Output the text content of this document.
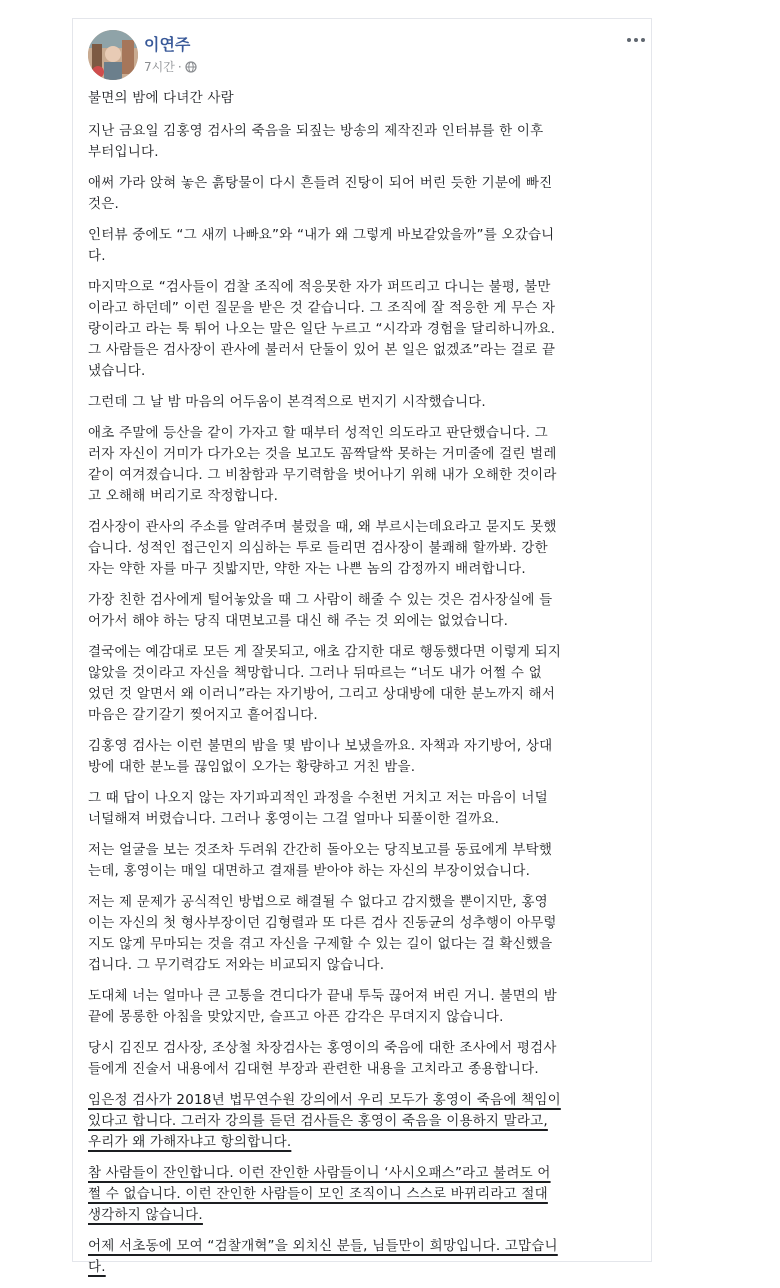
이연주
7시간 ·

불면의 밤에 다녀간 사람

지난 금요일 김홍영 검사의 죽음을 되짚는 방송의 제작진과 인터뷰를 한 이후
부터입니다.

애써 가라 앉혀 놓은 흙탕물이 다시 흔들려 진탕이 되어 버린 듯한 기분에 빠진
것은.

인터뷰 중에도 “그 새끼 나빠요”와 “내가 왜 그렇게 바보같았을까”를 오갔습니
다.

마지막으로 “검사들이 검찰 조직에 적응못한 자가 퍼뜨리고 다니는 불평, 불만
이라고 하던데” 이런 질문을 받은 것 같습니다. 그 조직에 잘 적응한 게 무슨 자
랑이라고 라는 툭 튀어 나오는 말은 일단 누르고 “시각과 경험을 달리하니까요.
그 사람들은 검사장이 관사에 불러서 단둘이 있어 본 일은 없겠죠”라는 걸로 끝
냈습니다.

그런데 그 날 밤 마음의 어두움이 본격적으로 번지기 시작했습니다.

애초 주말에 등산을 같이 가자고 할 때부터 성적인 의도라고 판단했습니다. 그
러자 자신이 거미가 다가오는 것을 보고도 꼼짝달싹 못하는 거미줄에 걸린 벌레
같이 여겨졌습니다. 그 비참함과 무기력함을 벗어나기 위해 내가 오해한 것이라
고 오해해 버리기로 작정합니다.

검사장이 관사의 주소를 알려주며 불렀을 때, 왜 부르시는데요라고 묻지도 못했
습니다. 성적인 접근인지 의심하는 투로 들리면 검사장이 불쾌해 할까봐. 강한
자는 약한 자를 마구 짓밟지만, 약한 자는 나쁜 놈의 감정까지 배려합니다.

가장 친한 검사에게 털어놓았을 때 그 사람이 해줄 수 있는 것은 검사장실에 들
어가서 해야 하는 당직 대면보고를 대신 해 주는 것 외에는 없었습니다.

결국에는 예감대로 모든 게 잘못되고, 애초 감지한 대로 행동했다면 이렇게 되지
않았을 것이라고 자신을 책망합니다. 그러나 뒤따르는 “너도 내가 어쩔 수 없
었던 것 알면서 왜 이러니”라는 자기방어, 그리고 상대방에 대한 분노까지 해서
마음은 갈기갈기 찢어지고 흩어집니다.

김홍영 검사는 이런 불면의 밤을 몇 밤이나 보냈을까요. 자책과 자기방어, 상대
방에 대한 분노를 끊임없이 오가는 황량하고 거친 밤을.

그 때 답이 나오지 않는 자기파괴적인 과정을 수천번 거치고 저는 마음이 너덜
너덜해져 버렸습니다. 그러나 홍영이는 그걸 얼마나 되풀이한 걸까요.

저는 얼굴을 보는 것조차 두려워 간간히 돌아오는 당직보고를 동료에게 부탁했
는데, 홍영이는 매일 대면하고 결재를 받아야 하는 자신의 부장이었습니다.

저는 제 문제가 공식적인 방법으로 해결될 수 없다고 감지했을 뿐이지만, 홍영
이는 자신의 첫 형사부장이던 김형렬과 또 다른 검사 진동균의 성추행이 아무렇
지도 않게 무마되는 것을 겪고 자신을 구제할 수 있는 길이 없다는 걸 확신했을
겁니다. 그 무기력감도 저와는 비교되지 않습니다.

도대체 너는 얼마나 큰 고통을 견디다가 끝내 투둑 끊어져 버린 거니. 불면의 밤
끝에 몽롱한 아침을 맞았지만, 슬프고 아픈 감각은 무뎌지지 않습니다.

당시 김진모 검사장, 조상철 차장검사는 홍영이의 죽음에 대한 조사에서 평검사
들에게 진술서 내용에서 김대현 부장과 관련한 내용을 고치라고 종용합니다.

임은정 검사가 2018년 법무연수원 강의에서 우리 모두가 홍영이 죽음에 책임이
있다고 합니다. 그러자 강의를 듣던 검사들은 홍영이 죽음을 이용하지 말라고,
우리가 왜 가해자냐고 항의합니다.

참 사람들이 잔인합니다. 이런 잔인한 사람들이니 ‘사시오패스”라고 불려도 어
쩔 수 없습니다. 이런 잔인한 사람들이 모인 조직이니 스스로 바뀌리라고 절대
생각하지 않습니다.

어제 서초동에 모여 “검찰개혁”을 외치신 분들, 님들만이 희망입니다. 고맙습니
다.
